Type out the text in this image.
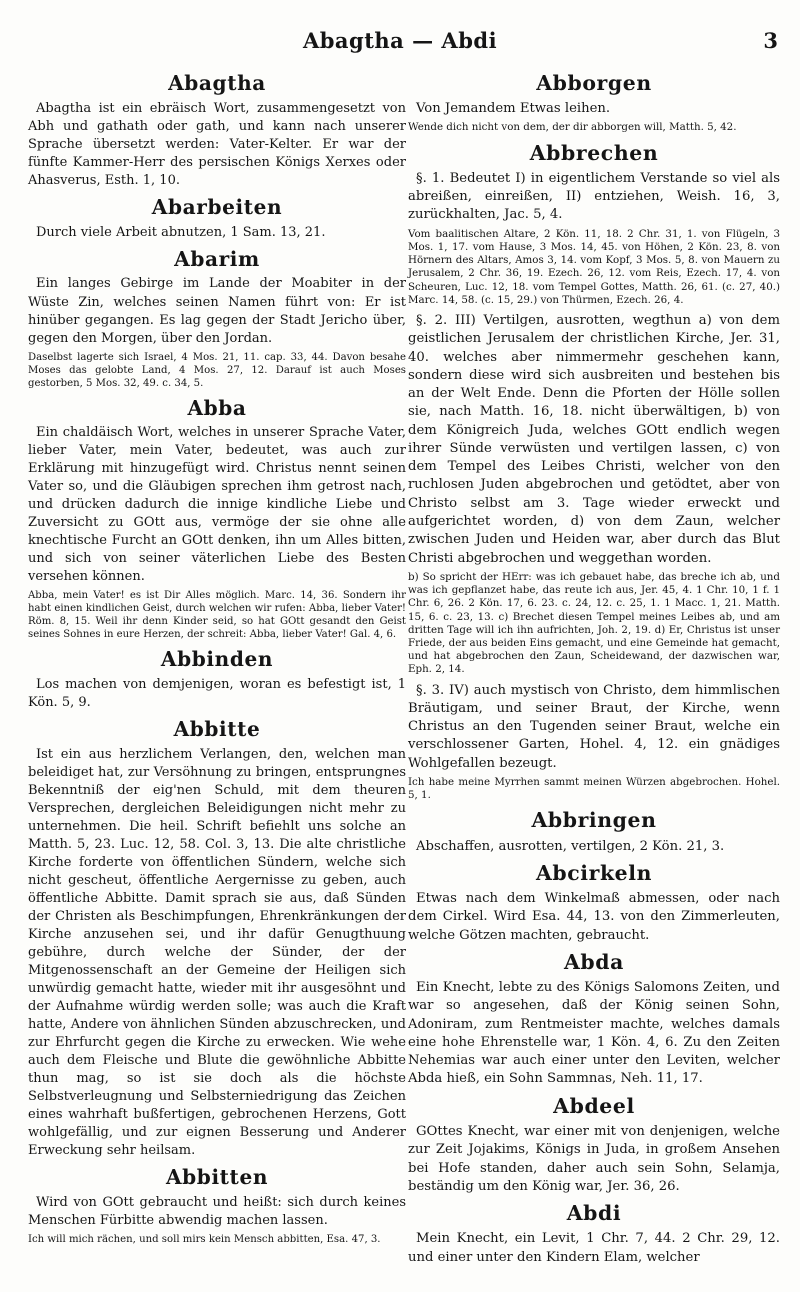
Abagtha — Abdi	3
Abagtha

Abagtha ist ein ebräisch Wort, zusammengesetzt von Abh und gathath oder gath, und kann nach unserer Sprache übersetzt werden: Vater-Kelter. Er war der fünfte Kammer-Herr des persischen Königs Xerxes oder Ahasverus, Esth. 1, 10.

Abarbeiten

Durch viele Arbeit abnutzen, 1 Sam. 13, 21.

Abarim

Ein langes Gebirge im Lande der Moabiter in der Wüste Zin, welches seinen Namen führt von: Er ist hinüber gegangen. Es lag gegen der Stadt Jericho über, gegen den Morgen, über den Jordan.

Daselbst lagerte sich Israel, 4 Mos. 21, 11. cap. 33, 44. Davon besahe Moses das gelobte Land, 4 Mos. 27, 12. Darauf ist auch Moses gestorben, 5 Mos. 32, 49. c. 34, 5.

Abba

Ein chaldäisch Wort, welches in unserer Sprache Vater, lieber Vater, mein Vater, bedeutet, was auch zur Erklärung mit hinzugefügt wird. Christus nennt seinen Vater so, und die Gläubigen sprechen ihm getrost nach, und drücken dadurch die innige kindliche Liebe und Zuversicht zu GOtt aus, vermöge der sie ohne alle knechtische Furcht an GOtt denken, ihn um Alles bitten, und sich von seiner väterlichen Liebe des Besten versehen können.

Abba, mein Vater! es ist Dir Alles möglich. Marc. 14, 36. Sondern ihr habt einen kindlichen Geist, durch welchen wir rufen: Abba, lieber Vater! Röm. 8, 15. Weil ihr denn Kinder seid, so hat GOtt gesandt den Geist seines Sohnes in eure Herzen, der schreit: Abba, lieber Vater! Gal. 4, 6.

Abbinden

Los machen von demjenigen, woran es befestigt ist, 1 Kön. 5, 9.

Abbitte

Ist ein aus herzlichem Verlangen, den, welchen man beleidiget hat, zur Versöhnung zu bringen, entsprungnes Bekenntniß der eig'nen Schuld, mit dem theuren Versprechen, dergleichen Beleidigungen nicht mehr zu unternehmen. Die heil. Schrift befiehlt uns solche an Matth. 5, 23. Luc. 12, 58. Col. 3, 13. Die alte christliche Kirche forderte von öffentlichen Sündern, welche sich nicht gescheut, öffentliche Aergernisse zu geben, auch öffentliche Abbitte. Damit sprach sie aus, daß Sünden der Christen als Beschimpfungen, Ehrenkränkungen der Kirche anzusehen sei, und ihr dafür Genugthuung gebühre, durch welche der Sünder, der der Mitgenossenschaft an der Gemeine der Heiligen sich unwürdig gemacht hatte, wieder mit ihr ausgesöhnt und der Aufnahme würdig werden solle; was auch die Kraft hatte, Andere von ähnlichen Sünden abzuschrecken, und zur Ehrfurcht gegen die Kirche zu erwecken. Wie wehe auch dem Fleische und Blute die gewöhnliche Abbitte thun mag, so ist sie doch als die höchste Selbstverleugnung und Selbsterniedrigung das Zeichen eines wahrhaft bußfertigen, gebrochenen Herzens, Gott wohlgefällig, und zur eignen Besserung und Anderer Erweckung sehr heilsam.

Abbitten

Wird von GOtt gebraucht und heißt: sich durch keines Menschen Fürbitte abwendig machen lassen.

Ich will mich rächen, und soll mirs kein Mensch abbitten, Esa. 47, 3.

Abborgen

Von Jemandem Etwas leihen.

Wende dich nicht von dem, der dir abborgen will, Matth. 5, 42.

Abbrechen

§. 1. Bedeutet I) in eigentlichem Verstande so viel als abreißen, einreißen, II) entziehen, Weish. 16, 3, zurückhalten, Jac. 5, 4.

Vom baalitischen Altare, 2 Kön. 11, 18. 2 Chr. 31, 1. von Flügeln, 3 Mos. 1, 17. vom Hause, 3 Mos. 14, 45. von Höhen, 2 Kön. 23, 8. von Hörnern des Altars, Amos 3, 14. vom Kopf, 3 Mos. 5, 8. von Mauern zu Jerusalem, 2 Chr. 36, 19. Ezech. 26, 12. vom Reis, Ezech. 17, 4. von Scheuren, Luc. 12, 18. vom Tempel Gottes, Matth. 26, 61. (c. 27, 40.) Marc. 14, 58. (c. 15, 29.) von Thürmen, Ezech. 26, 4.

§. 2. III) Vertilgen, ausrotten, wegthun a) von dem geistlichen Jerusalem der christlichen Kirche, Jer. 31, 40. welches aber nimmermehr geschehen kann, sondern diese wird sich ausbreiten und bestehen bis an der Welt Ende. Denn die Pforten der Hölle sollen sie, nach Matth. 16, 18. nicht überwältigen, b) von dem Königreich Juda, welches GOtt endlich wegen ihrer Sünde verwüsten und vertilgen lassen, c) von dem Tempel des Leibes Christi, welcher von den ruchlosen Juden abgebrochen und getödtet, aber von Christo selbst am 3. Tage wieder erweckt und aufgerichtet worden, d) von dem Zaun, welcher zwischen Juden und Heiden war, aber durch das Blut Christi abgebrochen und weggethan worden.

b) So spricht der HErr: was ich gebauet habe, das breche ich ab, und was ich gepflanzet habe, das reute ich aus, Jer. 45, 4. 1 Chr. 10, 1 f. 1 Chr. 6, 26. 2 Kön. 17, 6. 23. c. 24, 12. c. 25, 1. 1 Macc. 1, 21. Matth. 15, 6. c. 23, 13. c) Brechet diesen Tempel meines Leibes ab, und am dritten Tage will ich ihn aufrichten, Joh. 2, 19. d) Er, Christus ist unser Friede, der aus beiden Eins gemacht, und eine Gemeinde hat gemacht, und hat abgebrochen den Zaun, Scheidewand, der dazwischen war, Eph. 2, 14.

§. 3. IV) auch mystisch von Christo, dem himmlischen Bräutigam, und seiner Braut, der Kirche, wenn Christus an den Tugenden seiner Braut, welche ein verschlossener Garten, Hohel. 4, 12. ein gnädiges Wohlgefallen bezeugt.

Ich habe meine Myrrhen sammt meinen Würzen abgebrochen. Hohel. 5, 1.

Abbringen

Abschaffen, ausrotten, vertilgen, 2 Kön. 21, 3.

Abcirkeln

Etwas nach dem Winkelmaß abmessen, oder nach dem Cirkel. Wird Esa. 44, 13. von den Zimmerleuten, welche Götzen machten, gebraucht.

Abda

Ein Knecht, lebte zu des Königs Salomons Zeiten, und war so angesehen, daß der König seinen Sohn, Adoniram, zum Rentmeister machte, welches damals eine hohe Ehrenstelle war, 1 Kön. 4, 6. Zu den Zeiten Nehemias war auch einer unter den Leviten, welcher Abda hieß, ein Sohn Sammnas, Neh. 11, 17.

Abdeel

GOttes Knecht, war einer mit von denjenigen, welche zur Zeit Jojakims, Königs in Juda, in großem Ansehen bei Hofe standen, daher auch sein Sohn, Selamja, beständig um den König war, Jer. 36, 26.

Abdi

Mein Knecht, ein Levit, 1 Chr. 7, 44. 2 Chr. 29, 12. und einer unter den Kindern Elam, welcher
